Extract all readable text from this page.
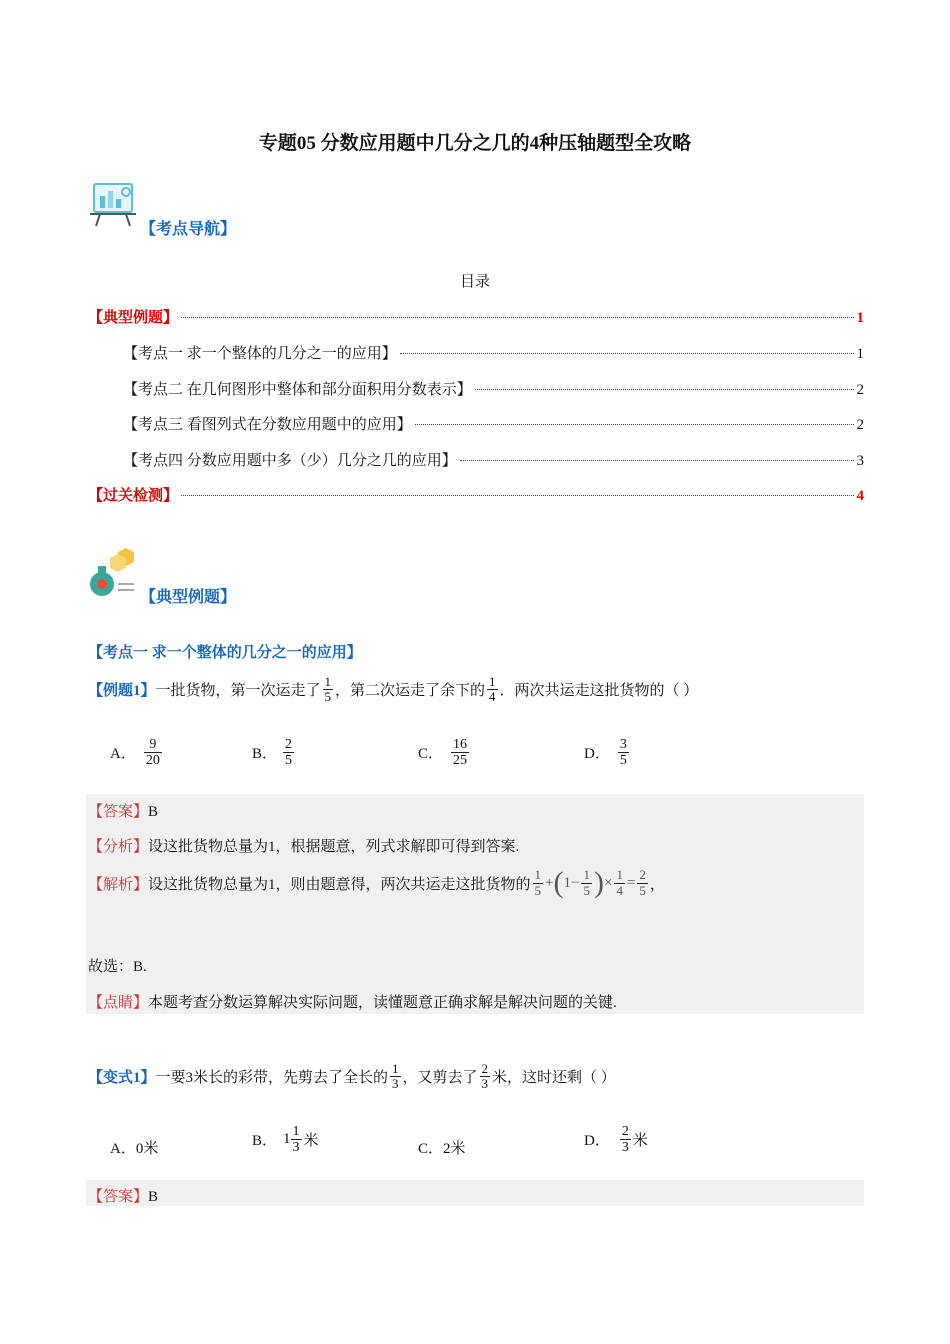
专题05 分数应用题中几分之几的4种压轴题型全攻略
【考点导航】
目录
【典型例题】	1
【考点一 求一个整体的几分之一的应用】	1
【考点二 在几何图形中整体和部分面积用分数表示】	2
【考点三 看图列式在分数应用题中的应用】	2
【考点四 分数应用题中多（少）几分之几的应用】	3
【过关检测】	4
【典型例题】
【考点一 求一个整体的几分之一的应用】
【例题1】 一批货物，第一次运走了 $\frac{1}{5}$ ，第二次运走了余下的 $\frac{1}{4}$ ．两次共运走这批货物的（ ）
A． $\frac{9}{20}$	B． $\frac{2}{5}$	C． $\frac{16}{25}$	D． $\frac{3}{5}$
【答案】B
【分析】设这批货物总量为1，根据题意，列式求解即可得到答案.
【解析】 设这批货物总量为1，则由题意得，两次共运走这批货物的 $\frac{1}{5}$ + ( $1 - \frac{1}{5}$ ) × $\frac{1}{4} = \frac{2}{5}$ ，
故选：B.
【点睛】本题考查分数运算解决实际问题，读懂题意正确求解是解决问题的关键.
【变式1】 一要3米长的彩带，先剪去了全长的 $\frac{1}{3}$ ，又剪去了 $\frac{2}{3}$ 米，这时还剩（ ）
A．0米	B． $1 \frac{1}{3}$ 米	C．2米	D． $\frac{2}{3}$ 米
【答案】B
